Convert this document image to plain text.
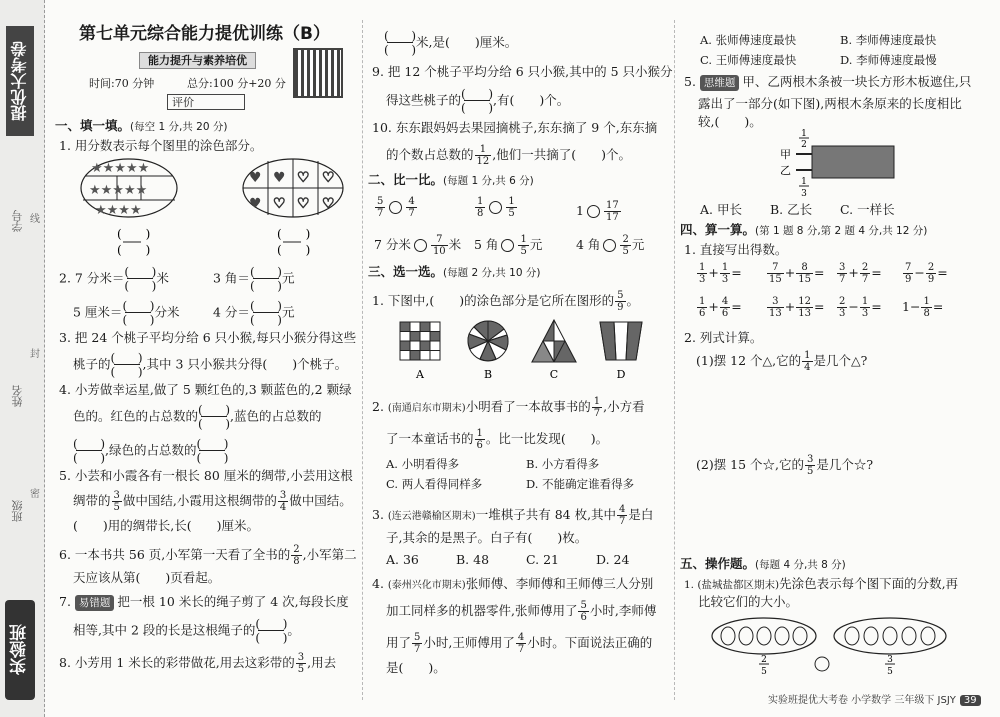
提优大考卷
学号
姓名
班级
线
封
密
实验班
第七单元综合能力提优训练（B）
能力提升与素养培优
时间:70 分钟	总分:100 分+20 分
评价
一、填一填。(每空 1 分,共 20 分)
1. 用分数表示每个图里的涂色部分。
★★★★★
★★★★★
★★★★
♥ ♥ ♡ ♡
♥ ♡ ♡ ♡
(　　)
(　　)
(　　)
(　　)
2. 7 分米＝
( ( )
)米	3 角＝
( ( )
)元
5 厘米＝
( ( )
)分米	4 分＝
( ( )
)元
3. 把 24 个桃子平均分给 6 只小猴,每只小猴分得这些
桃子的
( ( )
),其中 3 只小猴共分得(　　)个桃子。
4. 小芳做幸运星,做了 5 颗红色的,3 颗蓝色的,2 颗绿
色的。红色的占总数的
( ( )
),蓝色的占总数的
( ( )
),绿色的占总数的
( ( )
)
5. 小芸和小霞各有一根长 80 厘米的绸带,小芸用这根
绸带的 $\frac{3}{5}$ 做中国结,小霞用这根绸带的 $\frac{3}{4}$ 做中国结。
(　　)用的绸带长,长(　　)厘米。
6. 一本书共 56 页,小军第一天看了全书的 $\frac{2}{8}$ ,小军第二
天应该从第(　　)页看起。
7. 易错题 把一根 10 米长的绳子剪了 4 次,每段长度
相等,其中 2 段的长是这根绳子的
( ( )
)。
8. 小芳用 1 米长的彩带做花,用去这彩带的 $\frac{3}{5}$ ,用去
( ( )
)米,是(　　)厘米。
9. 把 12 个桃子平均分给 6 只小猴,其中的 5 只小猴分
得这些桃子的
( ( )
),有(　　)个。
10. 东东跟妈妈去果园摘桃子,东东摘了 9 个,东东摘
的个数占总数的 $\frac{1}{12}$ ,他们一共摘了(　　)个。
二、比一比。(每题 1 分,共 6 分)
$\frac{5}{7} \frac{4}{7}$	$\frac{1}{8} \frac{1}{5}$	$1 \frac{17}{17}$
7 分米 $\frac{7}{10}$ 米 5 角 $\frac{1}{5}$ 元	4 角 $\frac{2}{5}$ 元
三、选一选。(每题 2 分,共 10 分)
1. 下图中,(　　)的涂色部分是它所在图形的 $\frac{5}{9}$ 。
A	B	C	D
2. (南通启东市期末)小明看了一本故事书的 $\frac{1}{7}$ ,小方看
了一本童话书的 $\frac{1}{6}$ 。比一比发现(　　)。
A. 小明看得多	B. 小方看得多
C. 两人看得同样多	D. 不能确定谁看得多
3. (连云港赣榆区期末)一堆棋子共有 84 枚,其中 $\frac{4}{7}$ 是白
子,其余的是黑子。白子有(　　)枚。
A. 36	B. 48	C. 21	D. 24
4. (泰州兴化市期末)张师傅、李师傅和王师傅三人分别
加工同样多的机器零件,张师傅用了 $\frac{5}{6}$ 小时,李师傅
用了 $\frac{5}{7}$ 小时,王师傅用了 $\frac{4}{7}$ 小时。下面说法正确的
是(　　)。
A. 张师傅速度最快	B. 李师傅速度最快
C. 王师傅速度最快	D. 李师傅速度最慢
5. 思维题 甲、乙两根木条被一块长方形木板遮住,只
露出了一部分(如下图),两根木条原来的长度相比
较,(　　)。
甲
乙
1
2
1
3
A. 甲长 B. 乙长 C. 一样长
四、算一算。(第 1 题 8 分,第 2 题 4 分,共 12 分)
1. 直接写出得数。
$\frac{1}{3} + \frac{1}{3}$ =	$\frac{7}{15} + \frac{8}{15} = \frac{3}{7} + \frac{2}{7} = \frac{7}{9} - \frac{2}{9}$ =
$\frac{1}{6} + \frac{4}{6}$ =	$\frac{3}{13} + \frac{12}{13} = \frac{2}{3} - \frac{1}{3} = 1- \frac{1}{8}$ =
2. 列式计算。
(1)摆 12 个△,它的 $\frac{1}{4}$ 是几个△?
(2)摆 15 个☆,它的 $\frac{3}{5}$ 是几个☆?
五、操作题。(每题 4 分,共 8 分)
1. (盐城盐都区期末)先涂色表示每个图下面的分数,再
比较它们的大小。
2
5
3
5
实验班提优大考卷 小学数学 三年级下 JSJY 39
